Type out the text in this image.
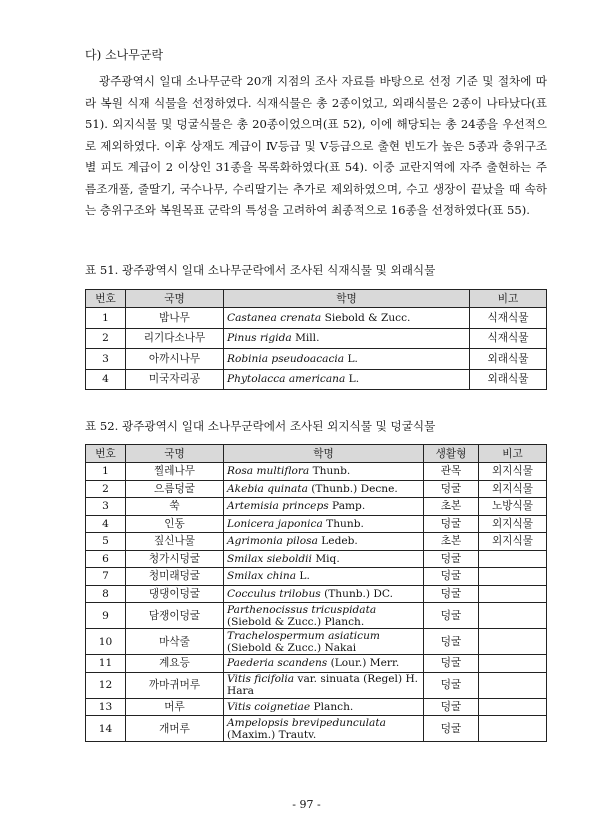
다) 소나무군락
광주광역시 일대 소나무군락 20개 지점의 조사 자료를 바탕으로 선정 기준 및 절차에 따라 복원 식재 식물을 선정하였다. 식재식물은 총 2종이었고, 외래식물은 2종이 나타났다(표 51). 외지식물 및 덩굴식물은 총 20종이었으며(표 52), 이에 해당되는 총 24종을 우선적으로 제외하였다. 이후 상재도 계급이 Ⅳ등급 및 Ⅴ등급으로 출현 빈도가 높은 5종과 층위구조 별 피도 계급이 2 이상인 31종을 목록화하였다(표 54). 이중 교란지역에 자주 출현하는 주름조개풀, 줄딸기, 국수나무, 수리딸기는 추가로 제외하였으며, 수고 생장이 끝났을 때 속하는 층위구조와 복원목표 군락의 특성을 고려하여 최종적으로 16종을 선정하였다(표 55).
표 51. 광주광역시 일대 소나무군락에서 조사된 식재식물 및 외래식물
번호	국명	학명	비고
1	밤나무	Castanea crenata Siebold & Zucc.	식재식물
2	리기다소나무	Pinus rigida Mill.	식재식물
3	아까시나무	Robinia pseudoacacia L.	외래식물
4	미국자리공	Phytolacca americana L.	외래식물
표 52. 광주광역시 일대 소나무군락에서 조사된 외지식물 및 덩굴식물
번호	국명	학명	생활형	비고
1	찔레나무	Rosa multiflora Thunb.	관목	외지식물
2	으름덩굴	Akebia quinata (Thunb.) Decne.	덩굴	외지식물
3	쑥	Artemisia princeps Pamp.	초본	노방식물
4	인동	Lonicera japonica Thunb.	덩굴	외지식물
5	짚신나물	Agrimonia pilosa Ledeb.	초본	외지식물
6	청가시덩굴	Smilax sieboldii Miq.	덩굴	
7	청미래덩굴	Smilax china L.	덩굴	
8	댕댕이덩굴	Cocculus trilobus (Thunb.) DC.	덩굴	
9	담쟁이덩굴	Parthenocissus tricuspidata (Siebold & Zucc.) Planch.	덩굴	
10	마삭줄	Trachelospermum asiaticum (Siebold & Zucc.) Nakai	덩굴	
11	계요등	Paederia scandens (Lour.) Merr.	덩굴	
12	까마귀머루	Vitis ficifolia var. sinuata (Regel) H. Hara	덩굴	
13	머루	Vitis coignetiae Planch.	덩굴	
14	개머루	Ampelopsis brevipedunculata (Maxim.) Trautv.	덩굴	
- 97 -
